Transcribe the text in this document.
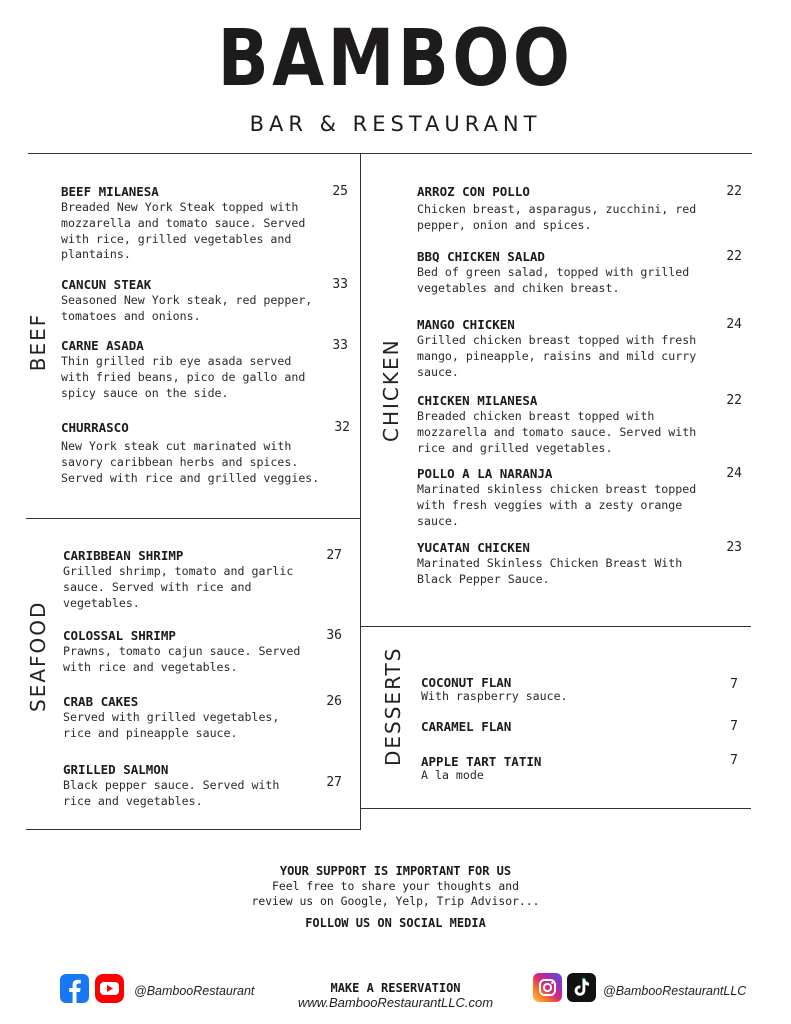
BAMBOO
BAR & RESTAURANT
BEEF
SEAFOOD
CHICKEN
DESSERTS
BEEF MILANESA
Breaded New York Steak topped with mozzarella and tomato sauce. Served with rice, grilled vegetables and plantains.
25
CANCUN STEAK
Seasoned New York steak, red pepper, tomatoes and onions.
33
CARNE ASADA
Thin grilled rib eye asada served with fried beans, pico de gallo and spicy sauce on the side.
33
CHURRASCO
New York steak cut marinated with savory caribbean herbs and spices. Served with rice and grilled veggies.
32
CARIBBEAN SHRIMP
Grilled shrimp, tomato and garlic sauce. Served with rice and vegetables.
27
COLOSSAL SHRIMP
Prawns, tomato cajun sauce. Served with rice and vegetables.
36
CRAB CAKES
Served with grilled vegetables, rice and pineapple sauce.
26
GRILLED SALMON
Black pepper sauce. Served with rice and vegetables.
27
ARROZ CON POLLO
Chicken breast, asparagus, zucchini, red pepper, onion and spices.
22
BBQ CHICKEN SALAD
Bed of green salad, topped with grilled vegetables and chiken breast.
22
MANGO CHICKEN
Grilled chicken breast topped with fresh mango, pineapple, raisins and mild curry sauce.
24
CHICKEN MILANESA
Breaded chicken breast topped with mozzarella and tomato sauce. Served with rice and grilled vegetables.
22
POLLO A LA NARANJA
Marinated skinless chicken breast topped with fresh veggies with a zesty orange sauce.
24
YUCATAN CHICKEN
Marinated Skinless Chicken Breast With Black Pepper Sauce.
23
COCONUT FLAN
With raspberry sauce.
7
CARAMEL FLAN	7
APPLE TART TATIN
A la mode
7
YOUR SUPPORT IS IMPORTANT FOR US
Feel free to share your thoughts and
review us on Google, Yelp, Trip Advisor...
FOLLOW US ON SOCIAL MEDIA
@BambooRestaurant	MAKE A RESERVATION
www.BambooRestaurantLLC.com
@BambooRestaurantLLC
